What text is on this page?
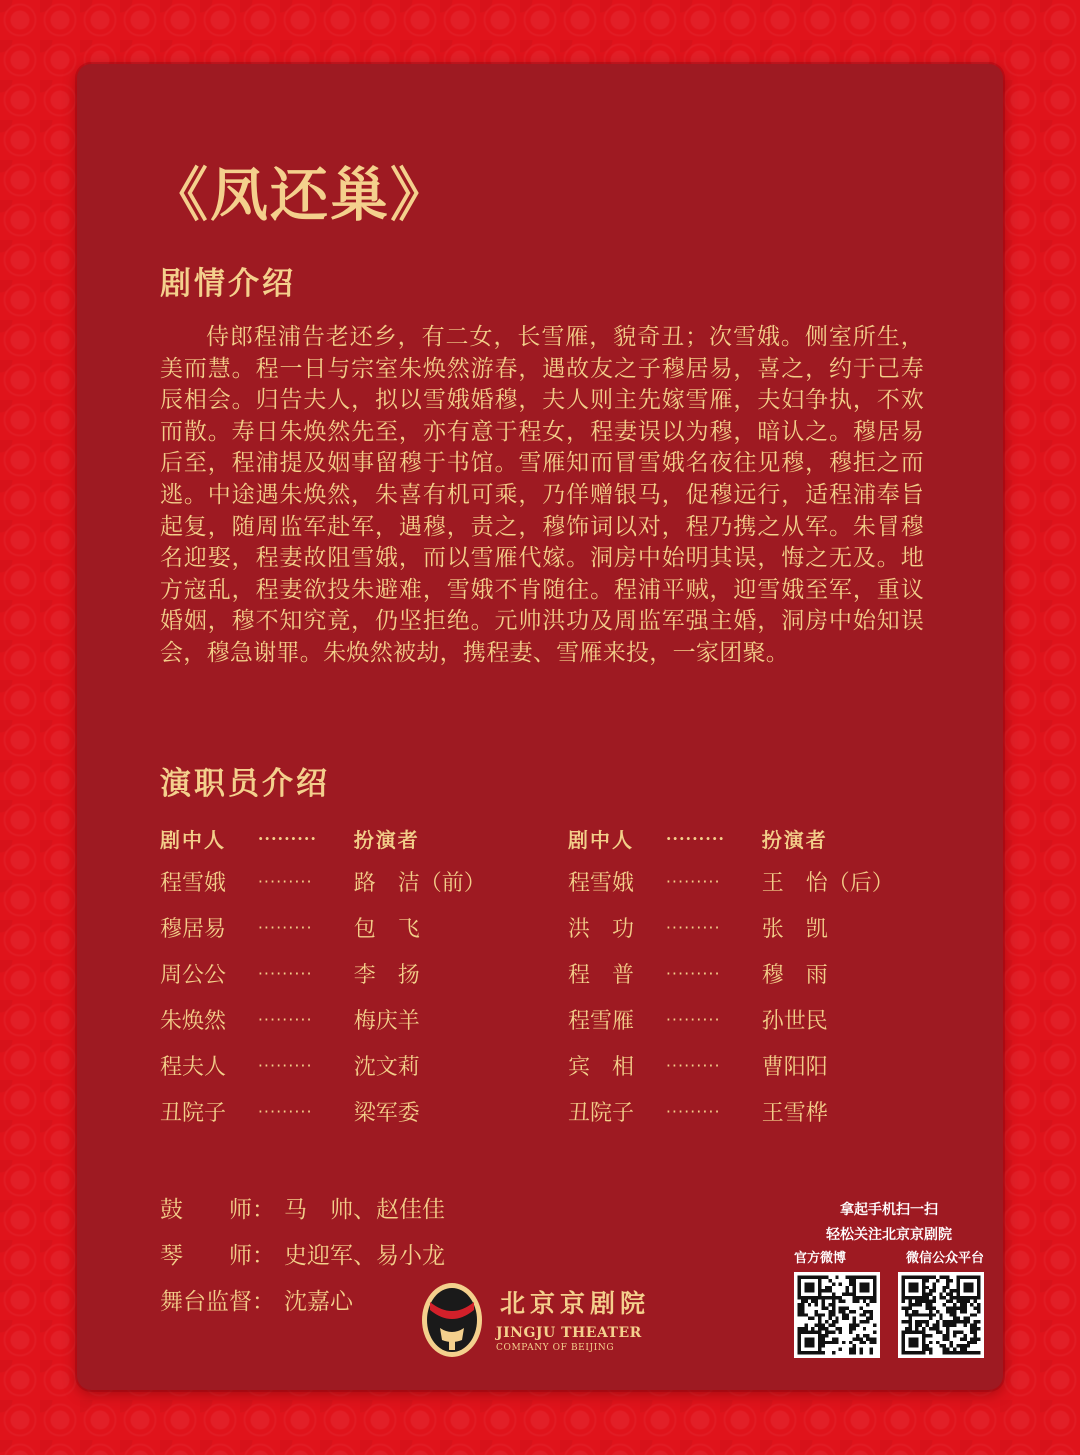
《凤还巢》
剧情介绍

侍郎程浦告老还乡，有二女，长雪雁，貌奇丑；次雪娥。侧室所生，美而慧。程一日与宗室朱焕然游春，遇故友之子穆居易，喜之，约于己寿辰相会。归告夫人，拟以雪娥婚穆，夫人则主先嫁雪雁，夫妇争执，不欢而散。寿日朱焕然先至，亦有意于程女，程妻误以为穆，暗认之。穆居易后至，程浦提及姻事留穆于书馆。雪雁知而冒雪娥名夜往见穆，穆拒之而逃。中途遇朱焕然，朱喜有机可乘，乃佯赠银马，促穆远行，适程浦奉旨起复，随周监军赴军，遇穆，责之，穆饰词以对，程乃携之从军。朱冒穆名迎娶，程妻故阻雪娥，而以雪雁代嫁。洞房中始明其误，悔之无及。地方寇乱，程妻欲投朱避难，雪娥不肯随往。程浦平贼，迎雪娥至军，重议婚姻，穆不知究竟，仍坚拒绝。元帅洪功及周监军强主婚，洞房中始知误会，穆急谢罪。朱焕然被劫，携程妻、雪雁来投，一家团聚。

演职员介绍
剧中人	·········	扮演者
程雪娥	·········	路　洁（前）
穆居易	·········	包　飞
周公公	·········	李　扬
朱焕然	·········	梅庆羊
程夫人	·········	沈文莉
丑院子	·········	梁军委
剧中人	·········	扮演者
程雪娥	·········	王　怡（后）
洪　功	·········	张　凯
程　普	·········	穆　雨
程雪雁	·········	孙世民
宾　相	·········	曹阳阳
丑院子	·········	王雪桦
鼓　　师： 马　帅、赵佳佳
琴　　师： 史迎军、易小龙
舞台监督： 沈嘉心	北京京剧院
JINGJU THEATER
COMPANY OF BEIJING
拿起手机扫一扫
轻松关注北京京剧院
官方微博	微信公众平台
